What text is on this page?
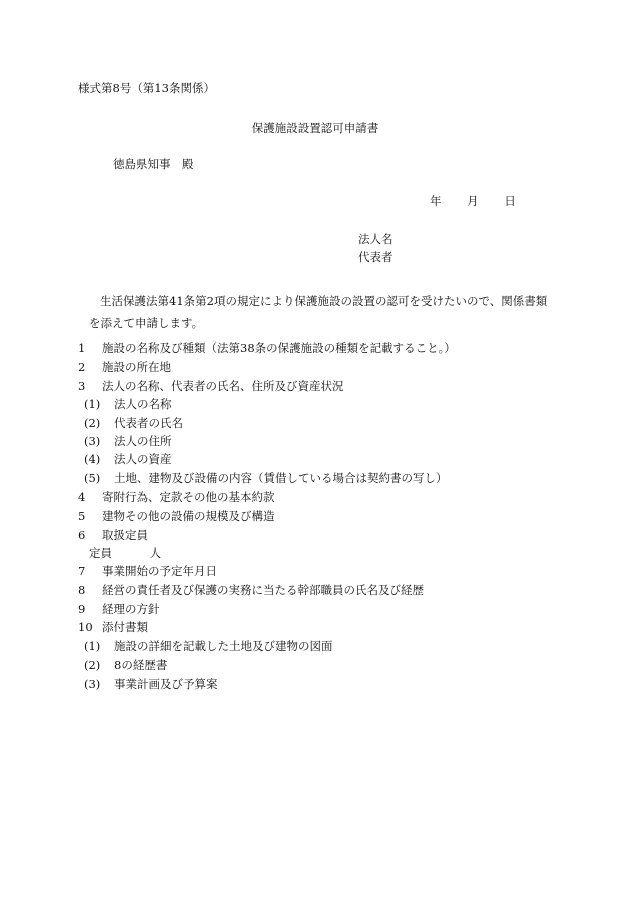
様式第8号（第13条関係）
保護施設設置認可申請書
徳島県知事　殿
年 月 日
法人名
代表者
生活保護法第41条第2項の規定により保護施設の設置の認可を受けたいので、関係書類
を添えて申請します。
1 施設の名称及び種類（法第38条の保護施設の種類を記載すること。）
2 施設の所在地
3 法人の名称、代表者の氏名、住所及び資産状況
(1) 法人の名称
(2) 代表者の氏名
(3) 法人の住所
(4) 法人の資産
(5) 土地、建物及び設備の内容（賃借している場合は契約書の写し）
4 寄附行為、定款その他の基本約款
5 建物その他の設備の規模及び構造
6 取扱定員
定員	人
7 事業開始の予定年月日
8 経営の責任者及び保護の実務に当たる幹部職員の氏名及び経歴
9 経理の方針
10 添付書類
(1) 施設の詳細を記載した土地及び建物の図面
(2) 8の経歴書
(3) 事業計画及び予算案
